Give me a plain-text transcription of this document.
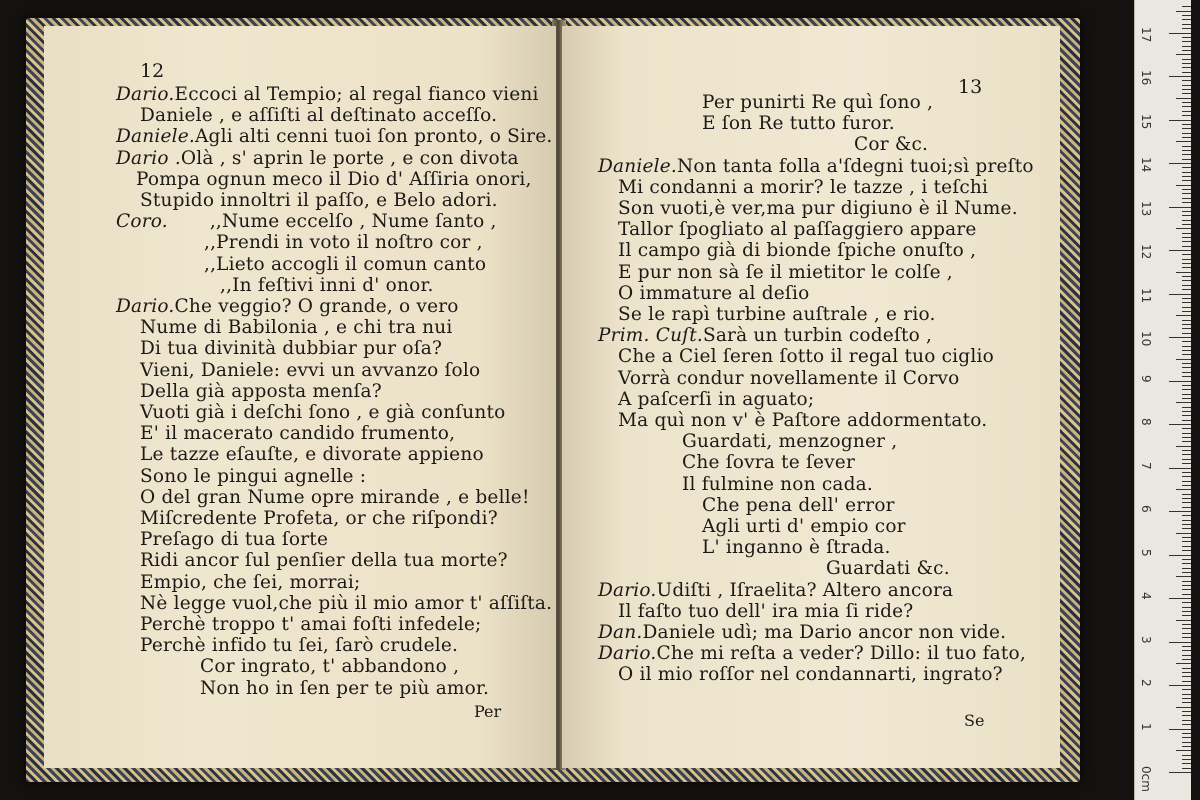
12
Dario.Eccoci al Tempio; al regal fianco vieni
Daniele , e aſſiſti al deſtinato acceſſo.
Daniele.Agli alti cenni tuoi ſon pronto, o Sire.
Dario .Olà , s' aprin le porte , e con divota
Pompa ognun meco il Dio d' Aſſiria onori,
Stupido innoltri il paſſo, e Belo adori.
Coro. ,,Nume eccelſo , Nume ſanto ,
,,Prendi in voto il noſtro cor ,
,,Lieto accogli il comun canto
,,In feſtivi inni d' onor.
Dario.Che veggio? O grande, o vero
Nume di Babilonia , e chi tra nui
Di tua divinità dubbiar pur oſa?
Vieni, Daniele: evvi un avvanzo ſolo
Della già apposta menſa?
Vuoti già i deſchi ſono , e già conſunto
E' il macerato candido frumento,
Le tazze eſauſte, e divorate appieno
Sono le pingui agnelle :
O del gran Nume opre mirande , e belle!
Miſcredente Profeta, or che riſpondi?
Preſago di tua ſorte
Ridi ancor ſul penſier della tua morte?
Empio, che ſei, morrai;
Nè legge vuol,che più il mio amor t' aſſiſta.
Perchè troppo t' amai foſti infedele;
Perchè infido tu ſei, ſarò crudele.
Cor ingrato, t' abbandono ,
Non ho in ſen per te più amor.
Per
13
Per punirti Re quì ſono ,
E ſon Re tutto furor.
Cor &c.
Daniele.Non tanta folla a'ſdegni tuoi;sì preſto
Mi condanni a morir? le tazze , i teſchi
Son vuoti,è ver,ma pur digiuno è il Nume.
Tallor ſpogliato al paſſaggiero appare
Il campo già di bionde ſpiche onuſto ,
E pur non sà ſe il mietitor le colſe ,
O immature al deſio
Se le rapì turbine auſtrale , e rio.
Prim. Cuſt.Sarà un turbin codeſto ,
Che a Ciel ſeren ſotto il regal tuo ciglio
Vorrà condur novellamente il Corvo
A paſcerſi in aguato;
Ma quì non v' è Paſtore addormentato.
Guardati, menzogner ,
Che ſovra te ſever
Il fulmine non cada.
Che pena dell' error
Agli urti d' empio cor
L' inganno è ſtrada.
Guardati &c.
Dario.Udiſti , Iſraelita? Altero ancora
Il faſto tuo dell' ira mia ſi ride?
Dan.Daniele udì; ma Dario ancor non vide.
Dario.Che mi reſta a veder? Dillo: il tuo fato,
O il mio roſſor nel condannarti, ingrato?
Se
0cm
1
2
3
4
5
6
7
8
9
10
11
12
13
14
15
16
17
